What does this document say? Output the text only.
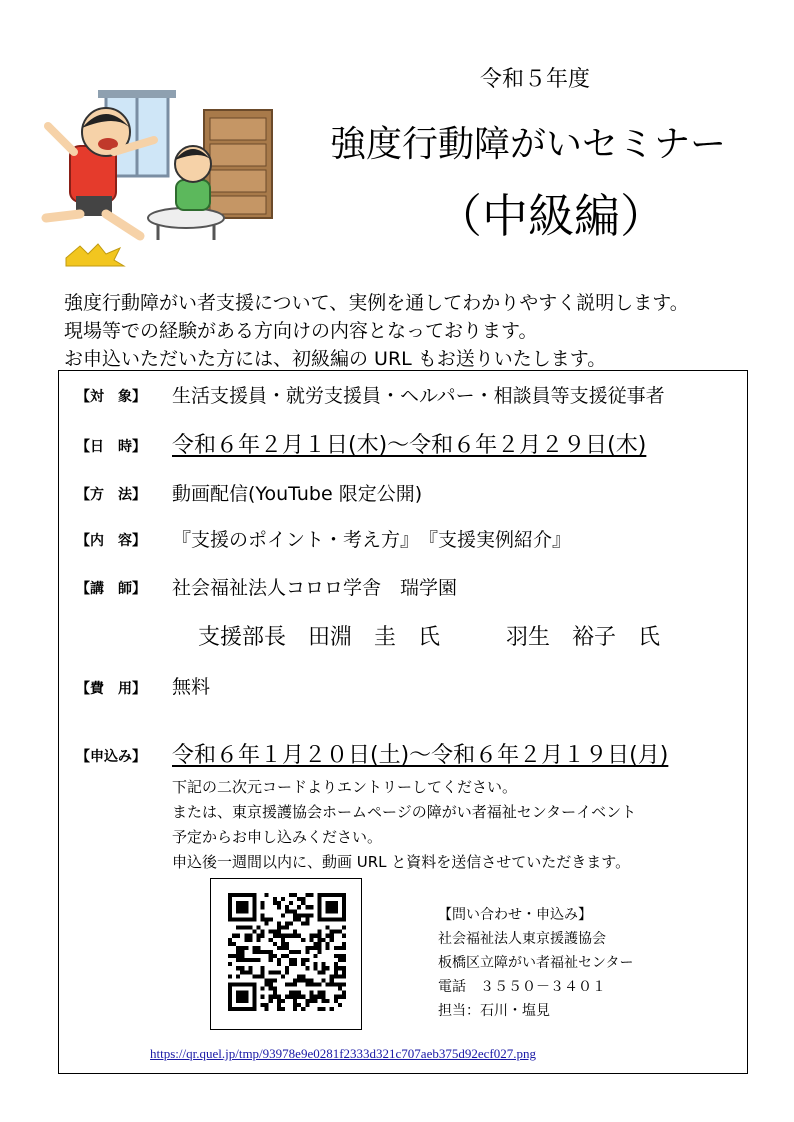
令和５年度
強度行動障がいセミナー
（中級編）
強度行動障がい者支援について、実例を通してわかりやすく説明します。
現場等での経験がある方向けの内容となっております。
お申込いただいた方には、初級編の URL もお送りいたします。
【対　象】 生活支援員・就労支援員・ヘルパー・相談員等支援従事者
【日　時】 令和６年２月１日(木)～令和６年２月２９日(木)
【方　法】 動画配信(YouTube 限定公開)
【内　容】 『支援のポイント・考え方』　『支援実例紹介』
【講　師】 社会福祉法人コロロ学舎　瑞学園
支援部長　田淵　圭　氏　　　羽生　裕子　氏
【費　用】 無料
【申込み】 令和６年１月２０日(土)～令和６年２月１９日(月)
下記の二次元コードよりエントリーしてください。
または、東京援護協会ホームページの障がい者福祉センターイベント
予定からお申し込みください。
申込後一週間以内に、動画 URL と資料を送信させていただきます。
【問い合わせ・申込み】
社会福祉法人東京援護協会
板橋区立障がい者福祉センター
電話　３５５０－３４０１
担当：石川・塩見
https://qr.quel.jp/tmp/93978e9e0281f2333d321c707aeb375d92ecf027.png
